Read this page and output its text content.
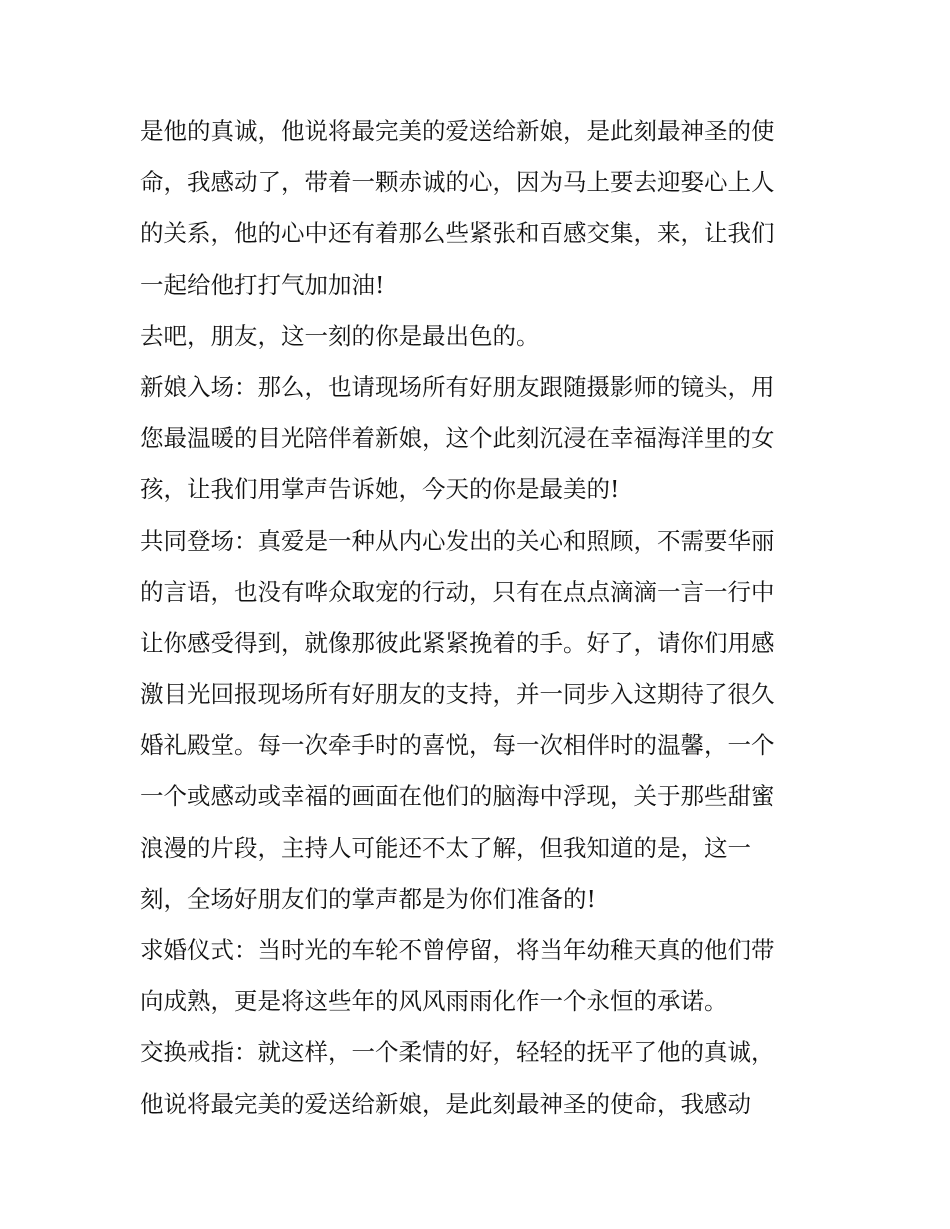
是他的真诚，他说将最完美的爱送给新娘，是此刻最神圣的使
命，我感动了，带着一颗赤诚的心，因为马上要去迎娶心上人
的关系，他的心中还有着那么些紧张和百感交集，来，让我们
一起给他打打气加加油!
去吧，朋友，这一刻的你是最出色的。
新娘入场：那么，也请现场所有好朋友跟随摄影师的镜头，用
您最温暖的目光陪伴着新娘，这个此刻沉浸在幸福海洋里的女
孩，让我们用掌声告诉她，今天的你是最美的!
共同登场：真爱是一种从内心发出的关心和照顾，不需要华丽
的言语，也没有哗众取宠的行动，只有在点点滴滴一言一行中
让你感受得到，就像那彼此紧紧挽着的手。好了，请你们用感
激目光回报现场所有好朋友的支持，并一同步入这期待了很久
婚礼殿堂。每一次牵手时的喜悦，每一次相伴时的温馨，一个
一个或感动或幸福的画面在他们的脑海中浮现，关于那些甜蜜
浪漫的片段，主持人可能还不太了解，但我知道的是，这一
刻，全场好朋友们的掌声都是为你们准备的!
求婚仪式：当时光的车轮不曾停留，将当年幼稚天真的他们带
向成熟，更是将这些年的风风雨雨化作一个永恒的承诺。
交换戒指：就这样，一个柔情的好，轻轻的抚平了他的真诚，
他说将最完美的爱送给新娘，是此刻最神圣的使命，我感动
